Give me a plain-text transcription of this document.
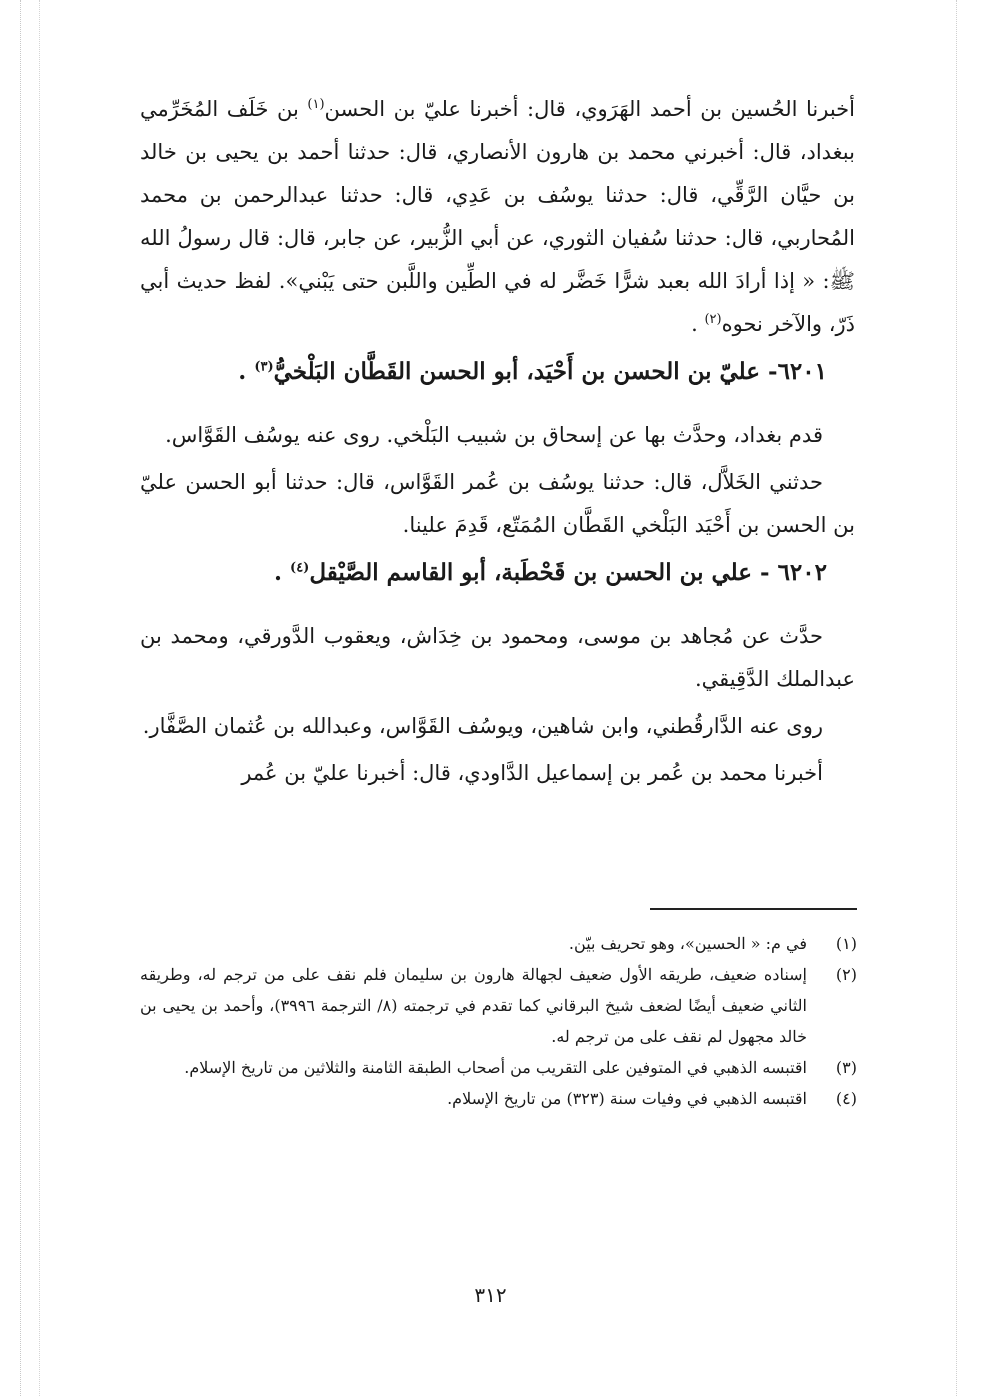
أخبرنا الحُسين بن أحمد الهَرَوي، قال: أخبرنا عليّ بن الحسن$^{(١)}$ بن خَلَف المُخَرِّمي ببغداد، قال: أخبرني محمد بن هارون الأنصاري، قال: حدثنا أحمد بن يحيى بن خالد بن حيَّان الرَّقِّي، قال: حدثنا يوسُف بن عَدِي، قال: حدثنا عبدالرحمن بن محمد المُحاربي، قال: حدثنا سُفيان الثوري، عن أبي الزُّبير، عن جابر، قال: قال رسولُ الله ﷺ: « إذا أرادَ الله بعبد شرًّا خَضَّر له في الطِّين واللَّبن حتى يَبْني». لفظ حديث أبي ذَرّ، والآخر نحوه$^{(٢)}$ .

٦٢٠١- عليّ بن الحسن بن أَحْيَد، أبو الحسن القَطَّان البَلْخيُّ$^{(٣)}$ .

قدم بغداد، وحدَّث بها عن إسحاق بن شبيب البَلْخي. روى عنه يوسُف القَوَّاس.

حدثني الخَلاَّل، قال: حدثنا يوسُف بن عُمر القَوَّاس، قال: حدثنا أبو الحسن عليّ بن الحسن بن أَحْيَد البَلْخي القَطَّان المُمَتّع، قَدِمَ علينا.

٦٢٠٢ - علي بن الحسن بن قَحْطَبة، أبو القاسم الصَّيْقل$^{(٤)}$ .

حدَّث عن مُجاهد بن موسى، ومحمود بن خِدَاش، ويعقوب الدَّورقي، ومحمد بن عبدالملك الدَّقِيقي.

روى عنه الدَّارقُطني، وابن شاهين، ويوسُف القَوَّاس، وعبدالله بن عُثمان الصَّفَّار.

أخبرنا محمد بن عُمر بن إسماعيل الدَّاودي، قال: أخبرنا عليّ بن عُمر

(١)
في م: « الحسين»، وهو تحريف بيّن.
(٢)
إسناده ضعيف، طريقه الأول ضعيف لجهالة هارون بن سليمان فلم نقف على من ترجم له، وطريقه الثاني ضعيف أيضًا لضعف شيخ البرقاني كما تقدم في ترجمته (٨/ الترجمة ٣٩٩٦)، وأحمد بن يحيى بن خالد مجهول لم نقف على من ترجم له.
(٣)
اقتبسه الذهبي في المتوفين على التقريب من أصحاب الطبقة الثامنة والثلاثين من تاريخ الإسلام.
(٤)
اقتبسه الذهبي في وفيات سنة (٣٢٣) من تاريخ الإسلام.
٣١٢
